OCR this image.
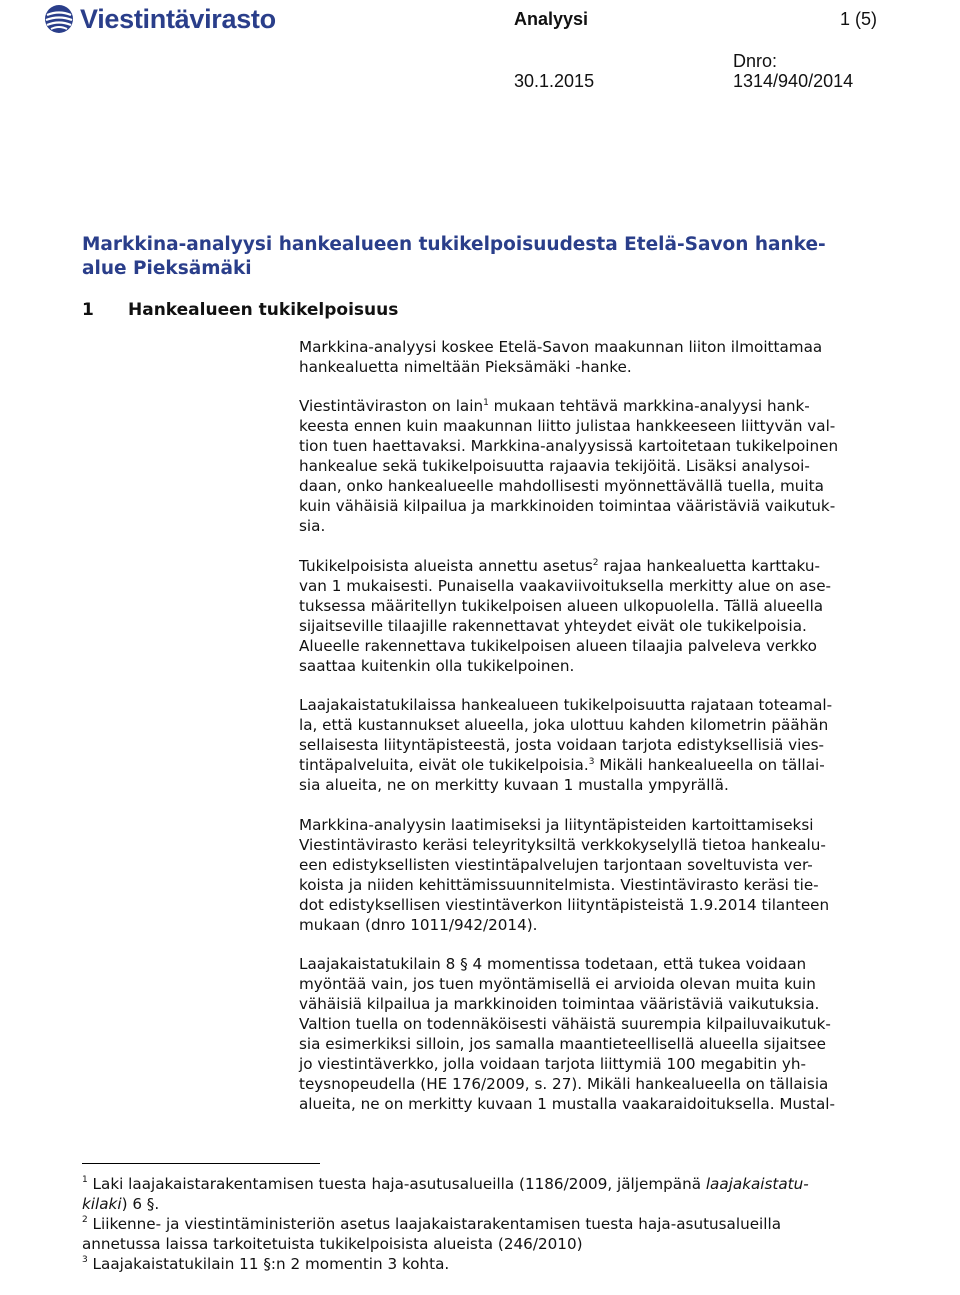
Viestintävirasto	Analyysi	1 (5)
Dnro:
30.1.2015	1314/940/2014
Markkina-analyysi hankealueen tukikelpoisuudesta Etelä-Savon hanke-
alue Pieksämäki
1 Hankealueen tukikelpoisuus
Markkina-analyysi koskee Etelä-Savon maakunnan liiton ilmoittamaa
hankealuetta nimeltään Pieksämäki -hanke.
Viestintäviraston on lain$^1$ mukaan tehtävä markkina-analyysi hank-
keesta ennen kuin maakunnan liitto julistaa hankkeeseen liittyvän val-
tion tuen haettavaksi. Markkina-analyysissä kartoitetaan tukikelpoinen
hankealue sekä tukikelpoisuutta rajaavia tekijöitä. Lisäksi analysoi-
daan, onko hankealueelle mahdollisesti myönnettävällä tuella, muita
kuin vähäisiä kilpailua ja markkinoiden toimintaa vääristäviä vaikutuk-
sia.
Tukikelpoisista alueista annettu asetus$^2$ rajaa hankealuetta karttaku-
van 1 mukaisesti. Punaisella vaakaviivoituksella merkitty alue on ase-
tuksessa määritellyn tukikelpoisen alueen ulkopuolella. Tällä alueella
sijaitseville tilaajille rakennettavat yhteydet eivät ole tukikelpoisia.
Alueelle rakennettava tukikelpoisen alueen tilaajia palveleva verkko
saattaa kuitenkin olla tukikelpoinen.
Laajakaistatukilaissa hankealueen tukikelpoisuutta rajataan toteamal-
la, että kustannukset alueella, joka ulottuu kahden kilometrin päähän
sellaisesta liityntäpisteestä, josta voidaan tarjota edistyksellisiä vies-
tintäpalveluita, eivät ole tukikelpoisia.$^3$ Mikäli hankealueella on tällai-
sia alueita, ne on merkitty kuvaan 1 mustalla ympyrällä.
Markkina-analyysin laatimiseksi ja liityntäpisteiden kartoittamiseksi
Viestintävirasto keräsi teleyrityksiltä verkkokyselyllä tietoa hankealu-
een edistyksellisten viestintäpalvelujen tarjontaan soveltuvista ver-
koista ja niiden kehittämissuunnitelmista. Viestintävirasto keräsi tie-
dot edistyksellisen viestintäverkon liityntäpisteistä 1.9.2014 tilanteen
mukaan (dnro 1011/942/2014).
Laajakaistatukilain 8 § 4 momentissa todetaan, että tukea voidaan
myöntää vain, jos tuen myöntämisellä ei arvioida olevan muita kuin
vähäisiä kilpailua ja markkinoiden toimintaa vääristäviä vaikutuksia.
Valtion tuella on todennäköisesti vähäistä suurempia kilpailuvaikutuk-
sia esimerkiksi silloin, jos samalla maantieteellisellä alueella sijaitsee
jo viestintäverkko, jolla voidaan tarjota liittymiä 100 megabitin yh-
teysnopeudella (HE 176/2009, s. 27). Mikäli hankealueella on tällaisia
alueita, ne on merkitty kuvaan 1 mustalla vaakaraidoituksella. Mustal-
$^1$ Laki laajakaistarakentamisen tuesta haja-asutusalueilla (1186/2009, jäljempänä laajakaistatu-
kilaki) 6 §.
$^2$ Liikenne- ja viestintäministeriön asetus laajakaistarakentamisen tuesta haja-asutusalueilla
annetussa laissa tarkoitetuista tukikelpoisista alueista (246/2010)
$^3$ Laajakaistatukilain 11 §:n 2 momentin 3 kohta.
